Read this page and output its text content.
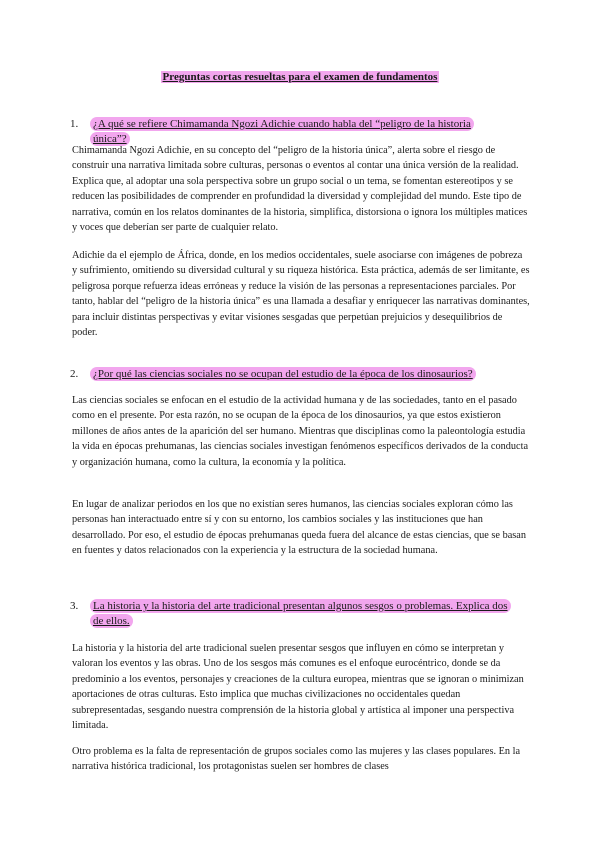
Preguntas cortas resueltas para el examen de fundamentos
1. ¿A qué se refiere Chimamanda Ngozi Adichie cuando habla del “peligro de la historia única”?

Chimamanda Ngozi Adichie, en su concepto del “peligro de la historia única”, alerta sobre el riesgo de construir una narrativa limitada sobre culturas, personas o eventos al contar una única versión de la realidad. Explica que, al adoptar una sola perspectiva sobre un grupo social o un tema, se fomentan estereotipos y se reducen las posibilidades de comprender en profundidad la diversidad y complejidad del mundo. Este tipo de narrativa, común en los relatos dominantes de la historia, simplifica, distorsiona o ignora los múltiples matices y voces que deberían ser parte de cualquier relato.

Adichie da el ejemplo de África, donde, en los medios occidentales, suele asociarse con imágenes de pobreza y sufrimiento, omitiendo su diversidad cultural y su riqueza histórica. Esta práctica, además de ser limitante, es peligrosa porque refuerza ideas erróneas y reduce la visión de las personas a representaciones parciales. Por tanto, hablar del “peligro de la historia única” es una llamada a desafiar y enriquecer las narrativas dominantes, para incluir distintas perspectivas y evitar visiones sesgadas que perpetúan prejuicios y desequilibrios de poder.

2. ¿Por qué las ciencias sociales no se ocupan del estudio de la época de los dinosaurios?

Las ciencias sociales se enfocan en el estudio de la actividad humana y de las sociedades, tanto en el pasado como en el presente. Por esta razón, no se ocupan de la época de los dinosaurios, ya que estos existieron millones de años antes de la aparición del ser humano. Mientras que disciplinas como la paleontología estudia la vida en épocas prehumanas, las ciencias sociales investigan fenómenos específicos derivados de la conducta y organización humana, como la cultura, la economía y la política.

En lugar de analizar periodos en los que no existían seres humanos, las ciencias sociales exploran cómo las personas han interactuado entre sí y con su entorno, los cambios sociales y las instituciones que han desarrollado. Por eso, el estudio de épocas prehumanas queda fuera del alcance de estas ciencias, que se basan en fuentes y datos relacionados con la experiencia y la estructura de la sociedad humana.

3. La historia y la historia del arte tradicional presentan algunos sesgos o problemas. Explica dos de ellos.

La historia y la historia del arte tradicional suelen presentar sesgos que influyen en cómo se interpretan y valoran los eventos y las obras. Uno de los sesgos más comunes es el enfoque eurocéntrico, donde se da predominio a los eventos, personajes y creaciones de la cultura europea, mientras que se ignoran o minimizan aportaciones de otras culturas. Esto implica que muchas civilizaciones no occidentales quedan subrepresentadas, sesgando nuestra comprensión de la historia global y artística al imponer una perspectiva limitada.

Otro problema es la falta de representación de grupos sociales como las mujeres y las clases populares. En la narrativa histórica tradicional, los protagonistas suelen ser hombres de clases
